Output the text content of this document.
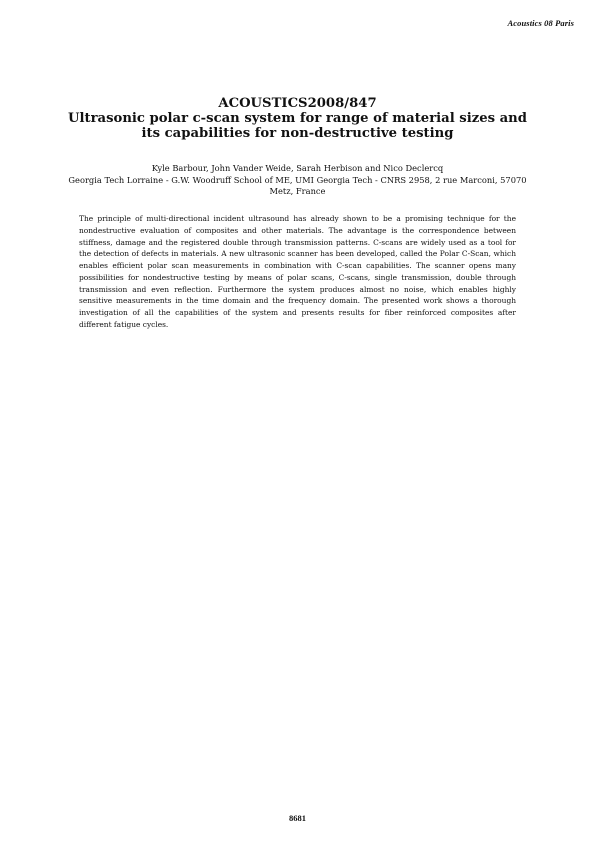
Acoustics 08 Paris

ACOUSTICS2008/847

Ultrasonic polar c-scan system for range of material sizes and its capabilities for non-destructive testing

Kyle Barbour, John Vander Weide, Sarah Herbison and Nico Declercq
Georgia Tech Lorraine - G.W. Woodruff School of ME, UMI Georgia Tech - CNRS 2958, 2 rue Marconi, 57070 Metz, France

The principle of multi-directional incident ultrasound has already shown to be a promising technique for the nondestructive evaluation of composites and other materials. The advantage is the correspondence between stiffness, damage and the registered double through transmission patterns. C-scans are widely used as a tool for the detection of defects in materials. A new ultrasonic scanner has been developed, called the Polar C-Scan, which enables efficient polar scan measurements in combination with C-scan capabilities. The scanner opens many possibilities for nondestructive testing by means of polar scans, C-scans, single transmission, double through transmission and even reflection. Furthermore the system produces almost no noise, which enables highly sensitive measurements in the time domain and the frequency domain. The presented work shows a thorough investigation of all the capabilities of the system and presents results for fiber reinforced composites after different fatigue cycles.

8681
